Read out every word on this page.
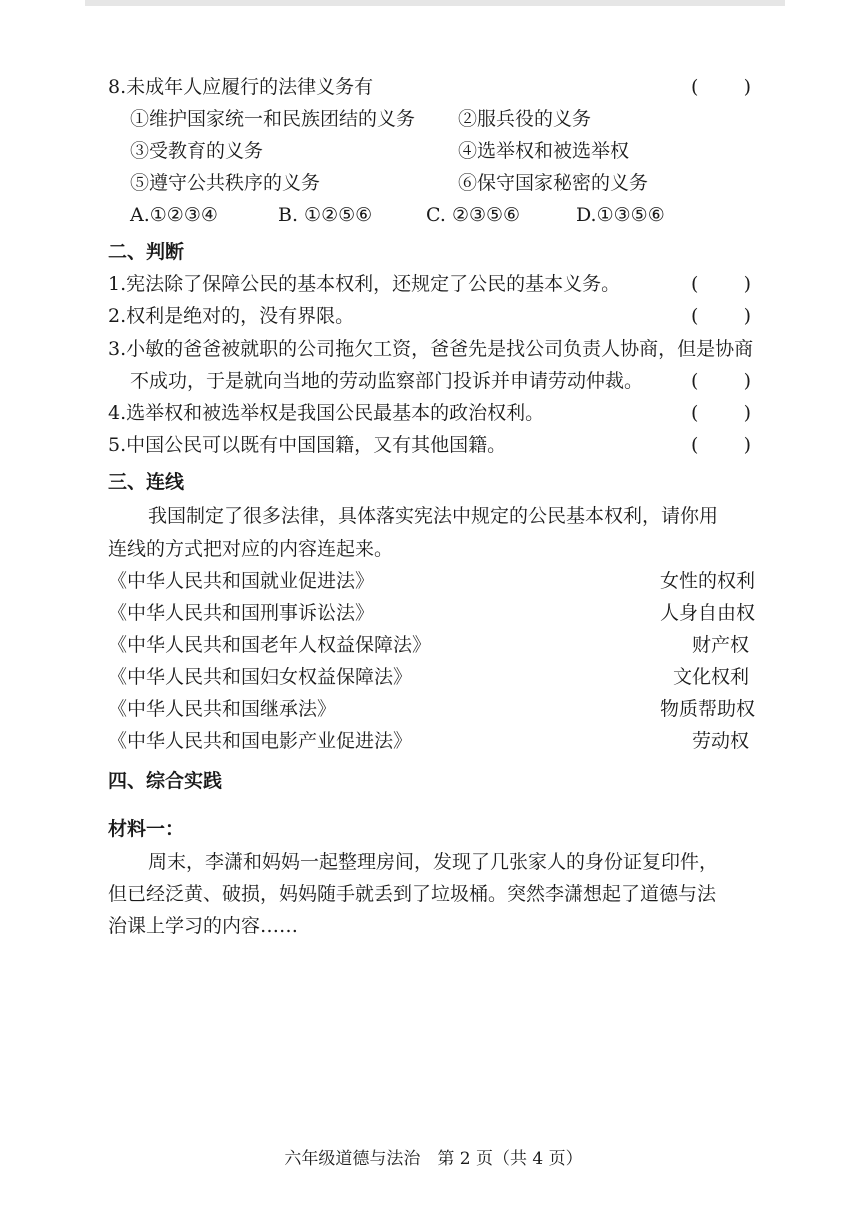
8.未成年人应履行的法律义务有	( )
①维护国家统一和民族团结的义务 ②服兵役的义务
③受教育的义务	④选举权和被选举权
⑤遵守公共秩序的义务	⑥保守国家秘密的义务
A.①②③④	B. ①②⑤⑥	C. ②③⑤⑥	D.①③⑤⑥
二、判断
1.宪法除了保障公民的基本权利，还规定了公民的基本义务。	( )
2.权利是绝对的，没有界限。	( )
3.小敏的爸爸被就职的公司拖欠工资，爸爸先是找公司负责人协商，但是协商
不成功，于是就向当地的劳动监察部门投诉并申请劳动仲裁。	( )
4.选举权和被选举权是我国公民最基本的政治权利。	( )
5.中国公民可以既有中国国籍，又有其他国籍。	( )
三、连线
我国制定了很多法律，具体落实宪法中规定的公民基本权利，请你用
连线的方式把对应的内容连起来。
《中华人民共和国就业促进法》	女性的权利
《中华人民共和国刑事诉讼法》	人身自由权
《中华人民共和国老年人权益保障法》	财产权
《中华人民共和国妇女权益保障法》	文化权利
《中华人民共和国继承法》	物质帮助权
《中华人民共和国电影产业促进法》	劳动权
四、综合实践
材料一：
周末，李潇和妈妈一起整理房间，发现了几张家人的身份证复印件，
但已经泛黄、破损，妈妈随手就丢到了垃圾桶。突然李潇想起了道德与法
治课上学习的内容……
六年级道德与法治　第 2 页（共 4 页）
